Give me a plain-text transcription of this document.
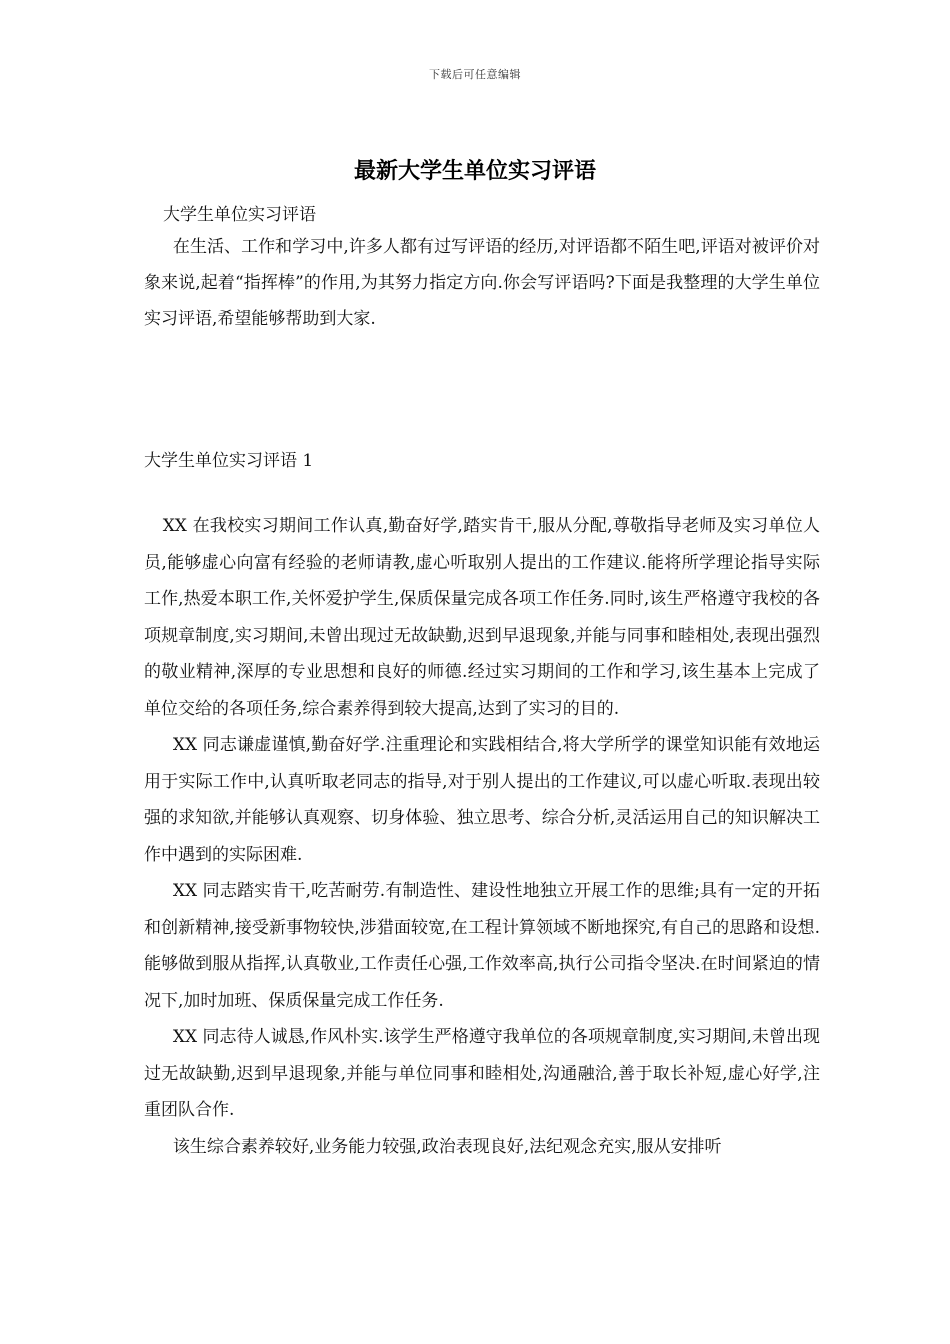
下载后可任意编辑
最新大学生单位实习评语
大学生单位实习评语

在生活、工作和学习中,许多人都有过写评语的经历,对评语都不陌生吧,评语对被评价对象来说,起着“指挥棒”的作用,为其努力指定方向.你会写评语吗?下面是我整理的大学生单位实习评语,希望能够帮助到大家.

大学生单位实习评语 1

XX 在我校实习期间工作认真,勤奋好学,踏实肯干,服从分配,尊敬指导老师及实习单位人员,能够虚心向富有经验的老师请教,虚心听取别人提出的工作建议.能将所学理论指导实际工作,热爱本职工作,关怀爱护学生,保质保量完成各项工作任务.同时,该生严格遵守我校的各项规章制度,实习期间,未曾出现过无故缺勤,迟到早退现象,并能与同事和睦相处,表现出强烈的敬业精神,深厚的专业思想和良好的师德.经过实习期间的工作和学习,该生基本上完成了单位交给的各项任务,综合素养得到较大提高,达到了实习的目的.

XX 同志谦虚谨慎,勤奋好学.注重理论和实践相结合,将大学所学的课堂知识能有效地运用于实际工作中,认真听取老同志的指导,对于别人提出的工作建议,可以虚心听取.表现出较强的求知欲,并能够认真观察、切身体验、独立思考、综合分析,灵活运用自己的知识解决工作中遇到的实际困难.

XX 同志踏实肯干,吃苦耐劳.有制造性、建设性地独立开展工作的思维;具有一定的开拓和创新精神,接受新事物较快,涉猎面较宽,在工程计算领域不断地探究,有自己的思路和设想.能够做到服从指挥,认真敬业,工作责任心强,工作效率高,执行公司指令坚决.在时间紧迫的情况下,加时加班、保质保量完成工作任务.

XX 同志待人诚恳,作风朴实.该学生严格遵守我单位的各项规章制度,实习期间,未曾出现过无故缺勤,迟到早退现象,并能与单位同事和睦相处,沟通融洽,善于取长补短,虚心好学,注重团队合作.

该生综合素养较好,业务能力较强,政治表现良好,法纪观念充实,服从安排听
